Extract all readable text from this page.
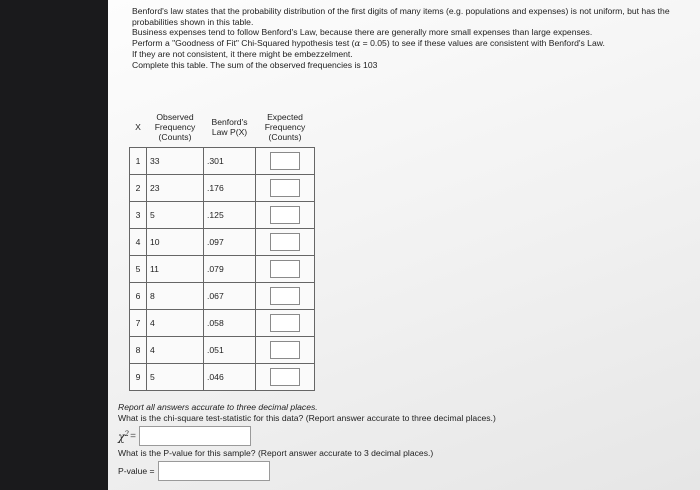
Benford's law states that the probability distribution of the first digits of many items (e.g. populations and expenses) is not uniform, but has the probabilities shown in this table.

Business expenses tend to follow Benford's Law, because there are generally more small expenses than large expenses.

Perform a "Goodness of Fit" Chi-Squared hypothesis test (α = 0.05) to see if these values are consistent with Benford's Law.

If they are not consistent, it there might be embezzelment.

Complete this table. The sum of the observed frequencies is 103

X	Observed Frequency (Counts)	Benford's Law P(X)	Expected Frequency (Counts)
1	33	.301	

2	23	.176	

3	5	.125	

4	10	.097	

5	11	.079	

6	8	.067	

7	4	.058	

8	4	.051	

9	5	.046	

Report all answers accurate to three decimal places.

What is the chi-square test-statistic for this data? (Report answer accurate to three decimal places.)

$\chi^2$ =

What is the P-value for this sample? (Report answer accurate to 3 decimal places.)

P-value =
